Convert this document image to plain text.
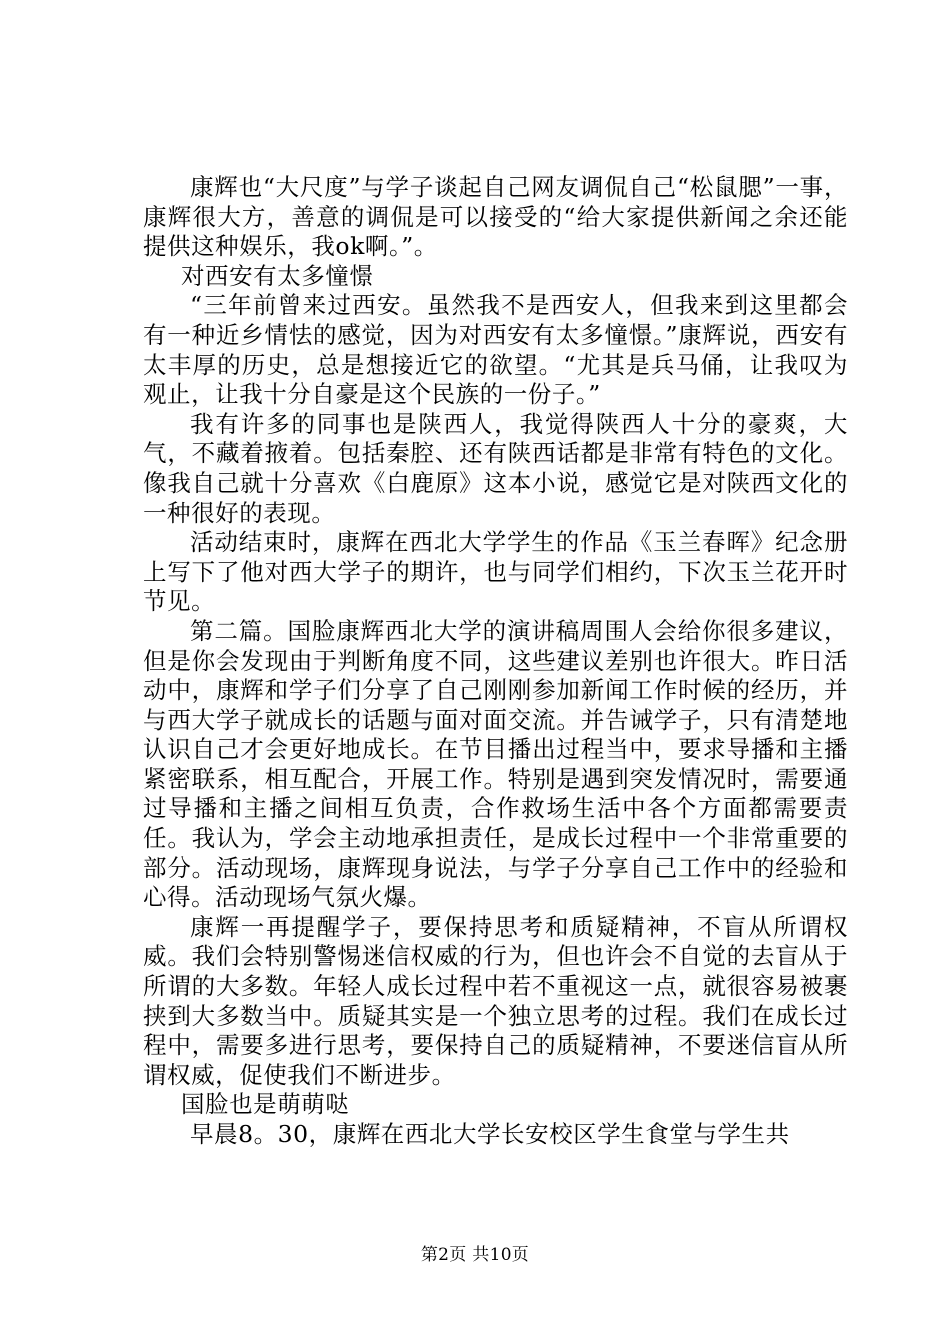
康辉也“大尺度”与学子谈起自己网友调侃自己“松鼠腮”一事，康辉很大方，善意的调侃是可以接受的“给大家提供新闻之余还能提供这种娱乐，我ok啊。”。

对西安有太多憧憬

“三年前曾来过西安。虽然我不是西安人，但我来到这里都会有一种近乡情怯的感觉，因为对西安有太多憧憬。”康辉说，西安有太丰厚的历史，总是想接近它的欲望。“尤其是兵马俑，让我叹为观止，让我十分自豪是这个民族的一份子。”

我有许多的同事也是陕西人，我觉得陕西人十分的豪爽，大气，不藏着掖着。包括秦腔、还有陕西话都是非常有特色的文化。像我自己就十分喜欢《白鹿原》这本小说，感觉它是对陕西文化的一种很好的表现。

活动结束时，康辉在西北大学学生的作品《玉兰春晖》纪念册上写下了他对西大学子的期许，也与同学们相约，下次玉兰花开时节见。

第二篇。国脸康辉西北大学的演讲稿周围人会给你很多建议，但是你会发现由于判断角度不同，这些建议差别也许很大。昨日活动中，康辉和学子们分享了自己刚刚参加新闻工作时候的经历，并与西大学子就成长的话题与面对面交流。并告诫学子，只有清楚地认识自己才会更好地成长。在节目播出过程当中，要求导播和主播紧密联系，相互配合，开展工作。特别是遇到突发情况时，需要通过导播和主播之间相互负责，合作救场生活中各个方面都需要责任。我认为，学会主动地承担责任，是成长过程中一个非常重要的部分。活动现场，康辉现身说法，与学子分享自己工作中的经验和心得。活动现场气氛火爆。

康辉一再提醒学子，要保持思考和质疑精神，不盲从所谓权威。我们会特别警惕迷信权威的行为，但也许会不自觉的去盲从于所谓的大多数。年轻人成长过程中若不重视这一点，就很容易被裹挟到大多数当中。质疑其实是一个独立思考的过程。我们在成长过程中，需要多进行思考，要保持自己的质疑精神，不要迷信盲从所谓权威，促使我们不断进步。

国脸也是萌萌哒

早晨8。30，康辉在西北大学长安校区学生食堂与学生共

第2页 共10页
